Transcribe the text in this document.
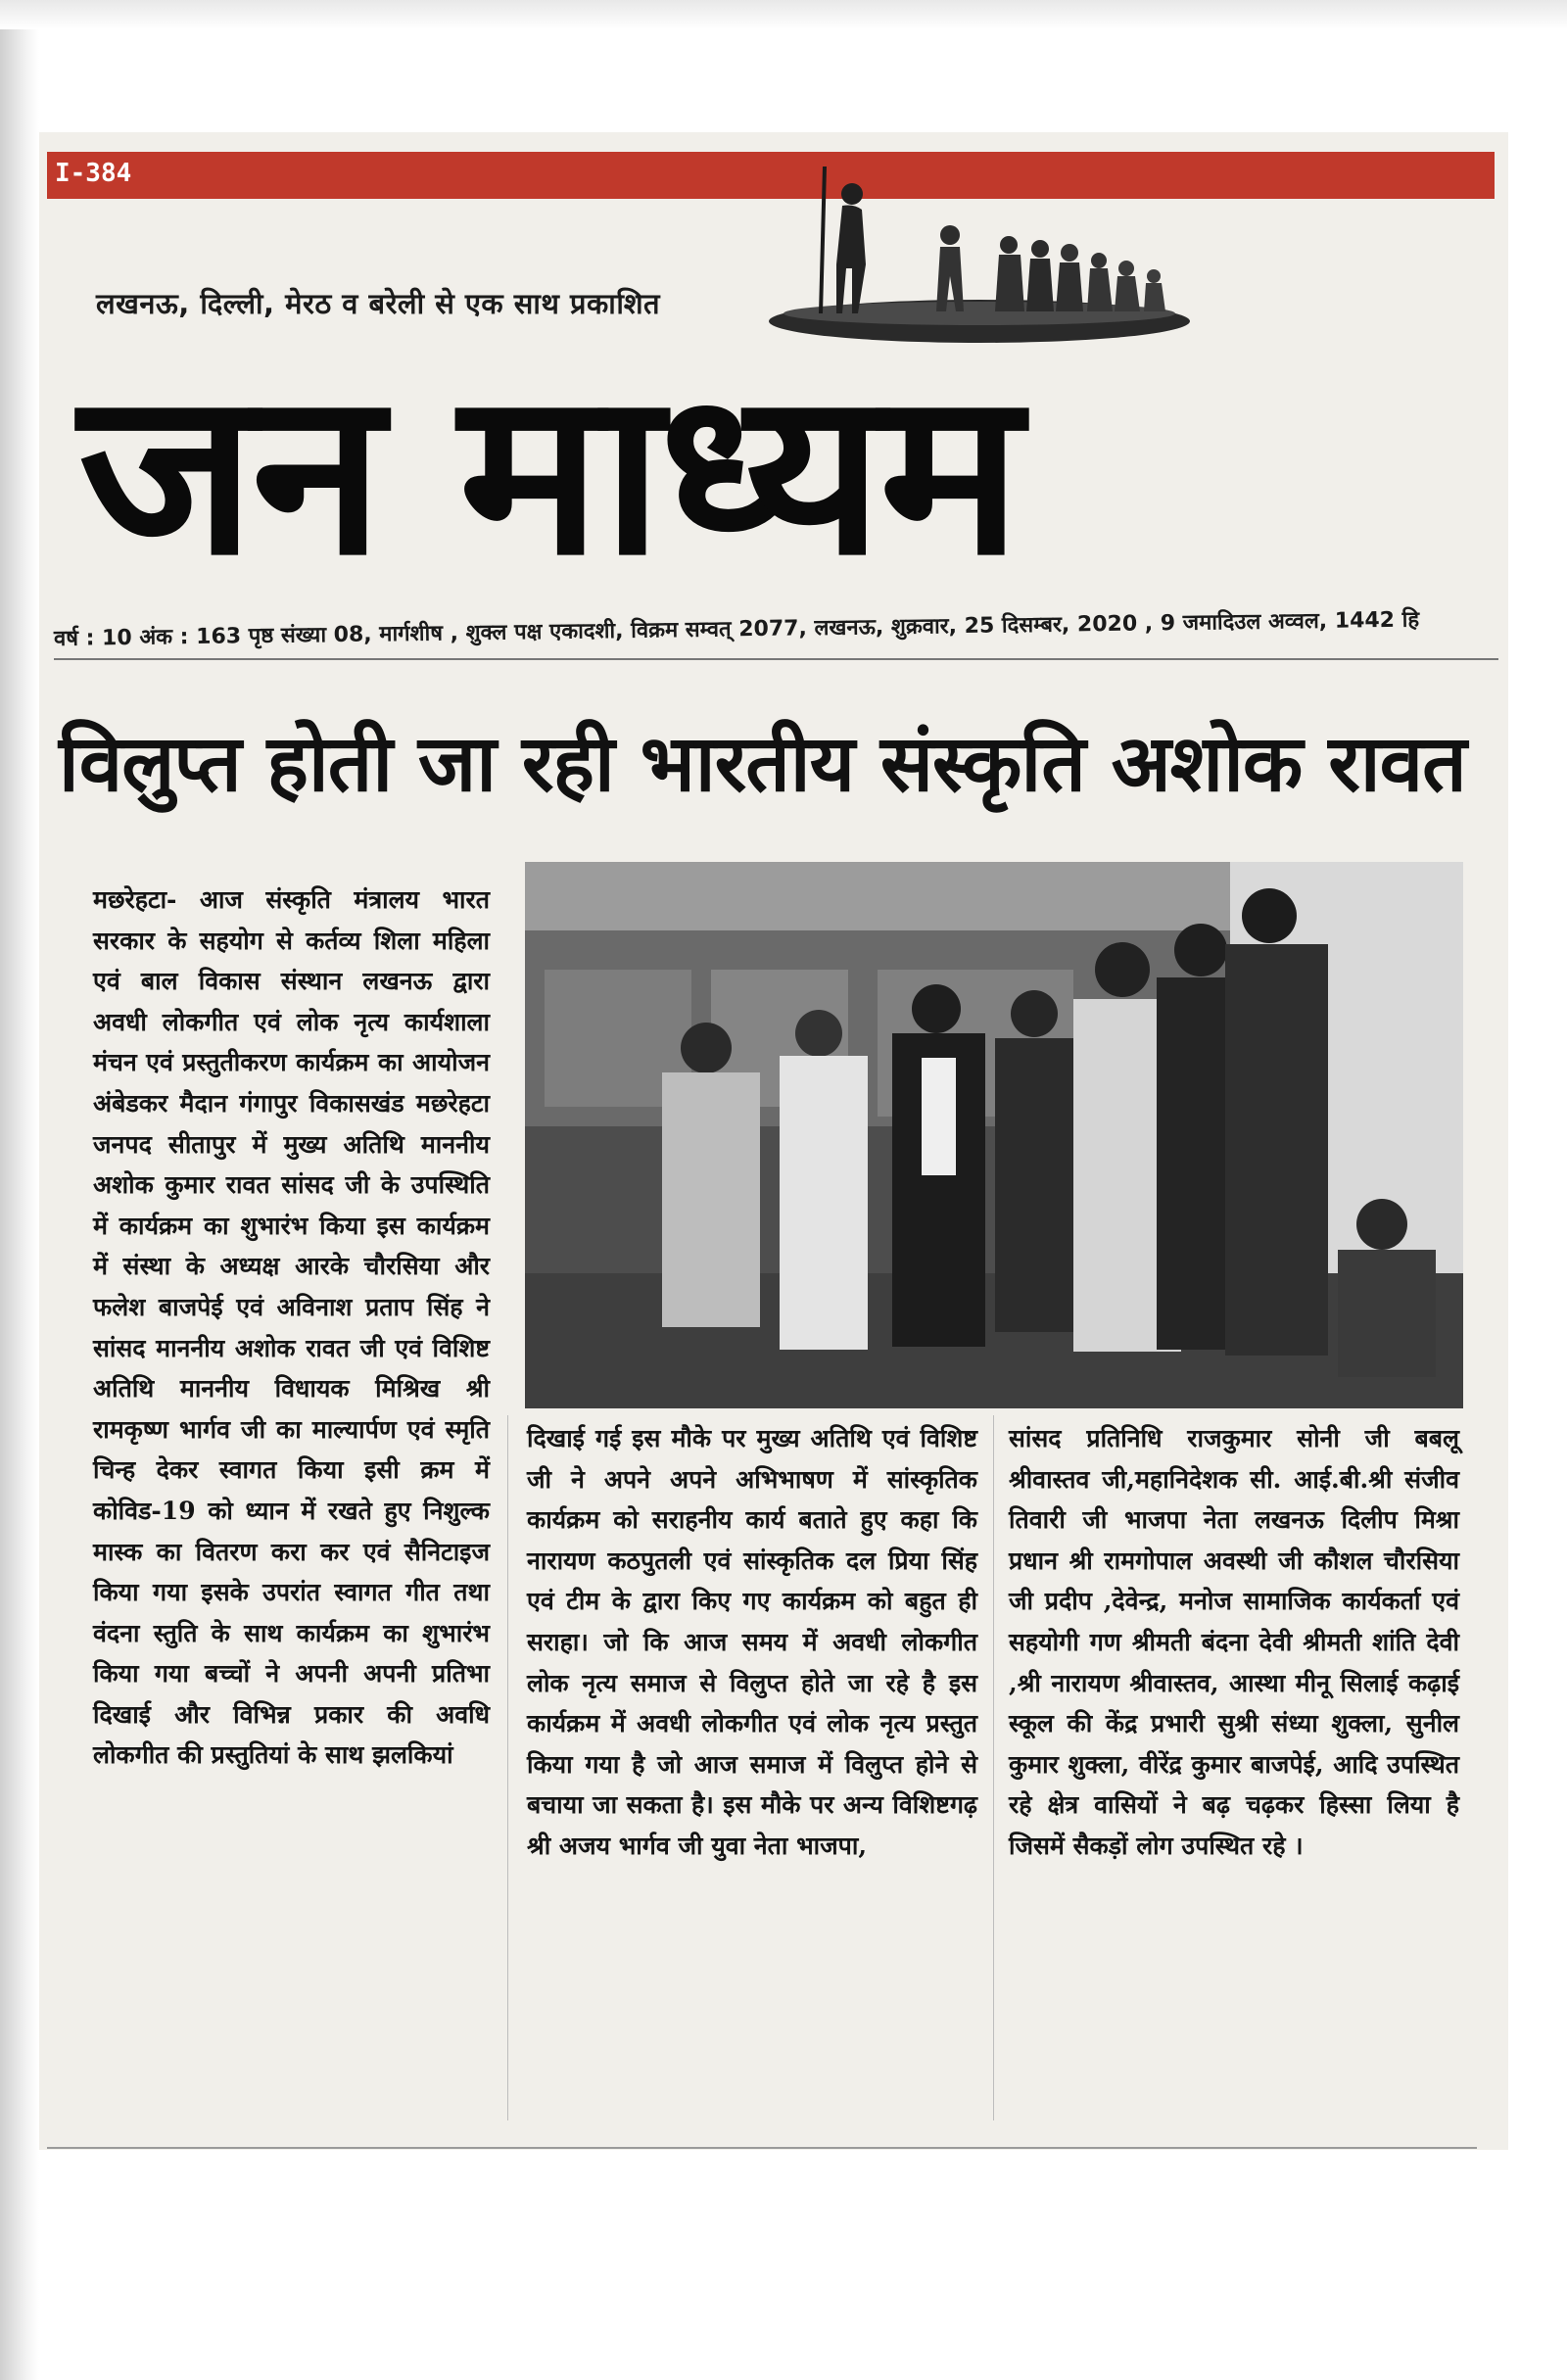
I-384
लखनऊ, दिल्ली, मेरठ व बरेली से एक साथ प्रकाशित
जन माध्यम
वर्ष : 10 अंक : 163 पृष्ठ संख्या 08, मार्गशीष , शुक्ल पक्ष एकादशी, विक्रम सम्वत् 2077, लखनऊ, शुक्रवार, 25 दिसम्बर, 2020 , 9 जमादिउल अव्वल, 1442 हि
विलुप्त होती जा रही भारतीय संस्कृति अशोक रावत
मछरेहटा- आज संस्कृति मंत्रालय भारत सरकार के सहयोग से कर्तव्य शिला महिला एवं बाल विकास संस्थान लखनऊ द्वारा अवधी लोकगीत एवं लोक नृत्य कार्यशाला मंचन एवं प्रस्तुतीकरण कार्यक्रम का आयोजन अंबेडकर मैदान गंगापुर विकासखंड मछरेहटा जनपद सीतापुर में मुख्य अतिथि माननीय अशोक कुमार रावत सांसद जी के उपस्थिति में कार्यक्रम का शुभारंभ किया इस कार्यक्रम में संस्था के अध्यक्ष आरके चौरसिया और फलेश बाजपेई एवं अविनाश प्रताप सिंह ने सांसद माननीय अशोक रावत जी एवं विशिष्ट अतिथि माननीय विधायक मिश्रिख श्री रामकृष्ण भार्गव जी का माल्यार्पण एवं स्मृति चिन्ह देकर स्वागत किया इसी क्रम में कोविड-19 को ध्यान में रखते हुए निशुल्क मास्क का वितरण करा कर एवं सैनिटाइज किया गया इसके उपरांत स्वागत गीत तथा वंदना स्तुति के साथ कार्यक्रम का शुभारंभ किया गया बच्चों ने अपनी अपनी प्रतिभा दिखाई और विभिन्न प्रकार की अवधि लोकगीत की प्रस्तुतियां के साथ झलकियां
दिखाई गई इस मौके पर मुख्य अतिथि एवं विशिष्ट जी ने अपने अपने अभिभाषण में सांस्कृतिक कार्यक्रम को सराहनीय कार्य बताते हुए कहा कि नारायण कठपुतली एवं सांस्कृतिक दल प्रिया सिंह एवं टीम के द्वारा किए गए कार्यक्रम को बहुत ही सराहा। जो कि आज समय में अवधी लोकगीत लोक नृत्य समाज से विलुप्त होते जा रहे है इस कार्यक्रम में अवधी लोकगीत एवं लोक नृत्य प्रस्तुत किया गया है जो आज समाज में विलुप्त होने से बचाया जा सकता है। इस मौके पर अन्य विशिष्टगढ़ श्री अजय भार्गव जी युवा नेता भाजपा,
सांसद प्रतिनिधि राजकुमार सोनी जी बबलू श्रीवास्तव जी,महानिदेशक सी. आई.बी.श्री संजीव तिवारी जी भाजपा नेता लखनऊ दिलीप मिश्रा प्रधान श्री रामगोपाल अवस्थी जी कौशल चौरसिया जी प्रदीप ,देवेन्द्र, मनोज सामाजिक कार्यकर्ता एवं सहयोगी गण श्रीमती बंदना देवी श्रीमती शांति देवी ,श्री नारायण श्रीवास्तव, आस्था मीनू सिलाई कढ़ाई स्कूल की केंद्र प्रभारी सुश्री संध्या शुक्ला, सुनील कुमार शुक्ला, वीरेंद्र कुमार बाजपेई, आदि उपस्थित रहे क्षेत्र वासियों ने बढ़ चढ़कर हिस्सा लिया है जिसमें सैकड़ों लोग उपस्थित रहे ।
